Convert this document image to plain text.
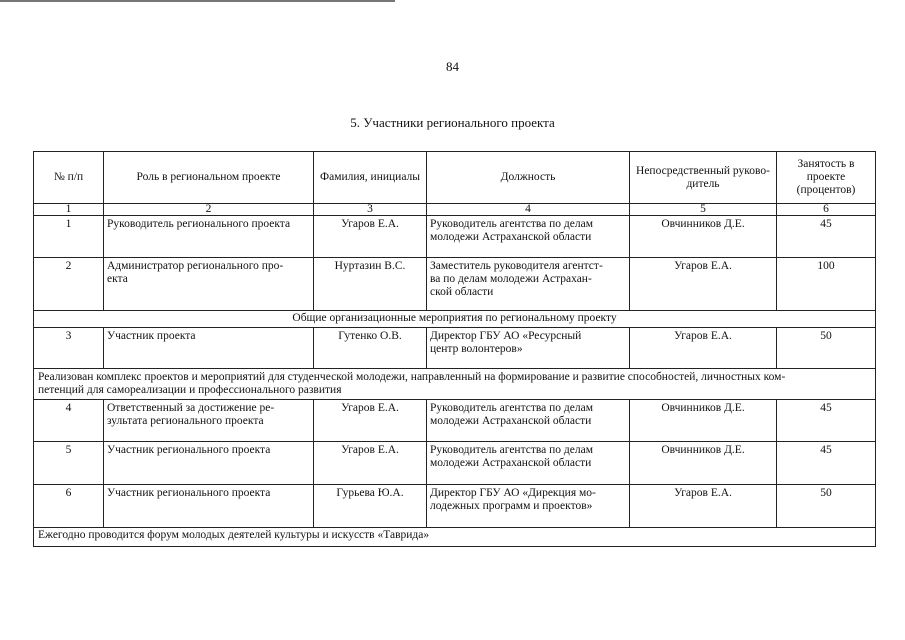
84
5. Участники регионального проекта
№ п/п	Роль в региональном проекте	Фамилия, инициалы	Должность	Непосредственный руково-
дитель	Занятость в
проекте
(процентов)
1	2	3	4	5	6
1	Руководитель регионального проекта	Угаров Е.А.	Руководитель агентства по делам
молодежи Астраханской области	Овчинников Д.Е.	45
2	Администратор регионального про-
екта	Нуртазин В.С.	Заместитель руководителя агентст-
ва по делам молодежи Астрахан-
ской области	Угаров Е.А.	100
Общие организационные мероприятия по региональному проекту					
3	Участник проекта	Гутенко О.В.	Директор ГБУ АО «Ресурсный
центр волонтеров»	Угаров Е.А.	50
Реализован комплекс проектов и мероприятий для студенческой молодежи, направленный на формирование и развитие способностей, личностных ком-
петенций для самореализации и профессионального развития					
4	Ответственный за достижение ре-
зультата регионального проекта	Угаров Е.А.	Руководитель агентства по делам
молодежи Астраханской области	Овчинников Д.Е.	45
5	Участник регионального проекта	Угаров Е.А.	Руководитель агентства по делам
молодежи Астраханской области	Овчинников Д.Е.	45
6	Участник регионального проекта	Гурьева Ю.А.	Директор ГБУ АО «Дирекция мо-
лодежных программ и проектов»	Угаров Е.А.	50
Ежегодно проводится форум молодых деятелей культуры и искусств «Таврида»					
